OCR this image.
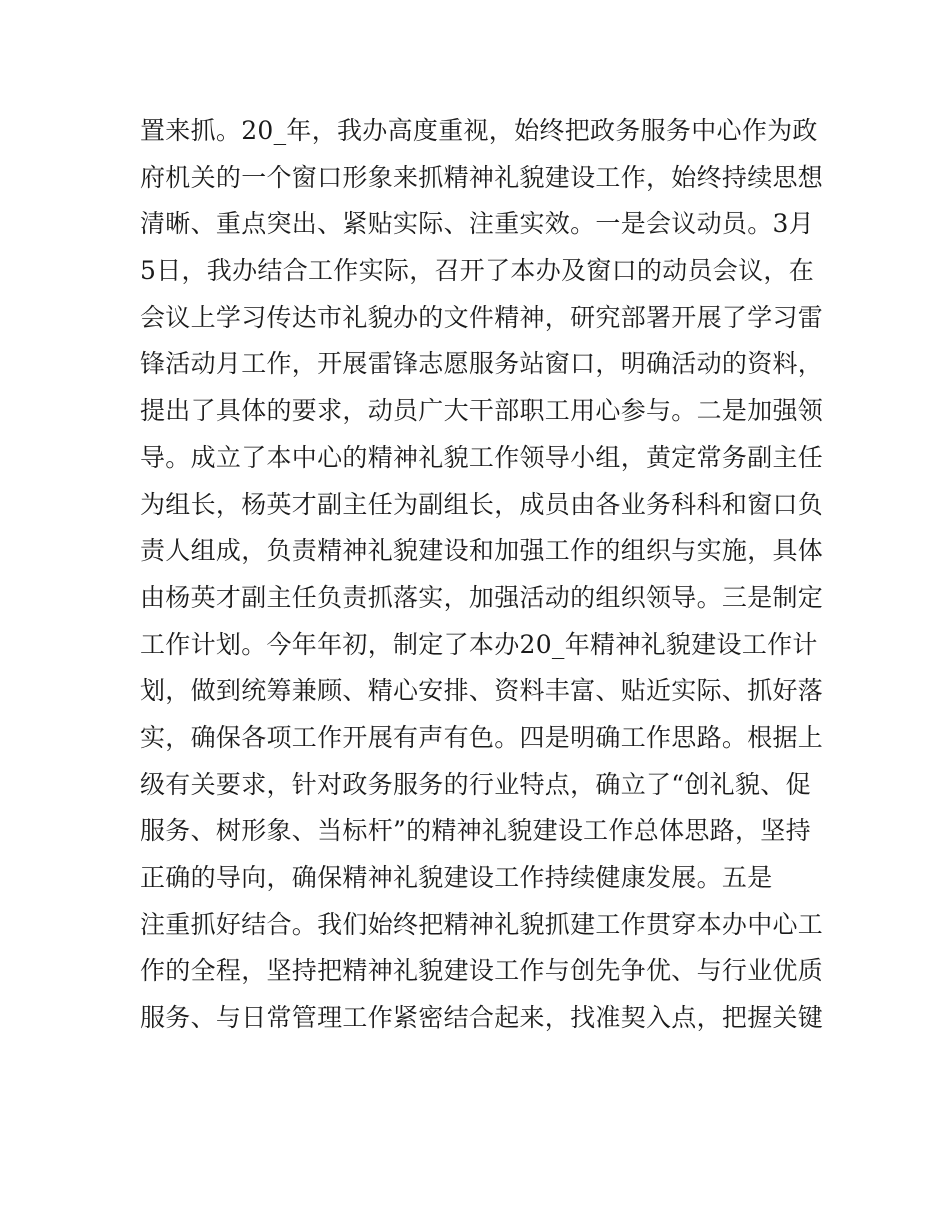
置来抓。20_年，我办高度重视，始终把政务服务中心作为政
府机关的一个窗口形象来抓精神礼貌建设工作，始终持续思想
清晰、重点突出、紧贴实际、注重实效。一是会议动员。3月
5日，我办结合工作实际，召开了本办及窗口的动员会议，在
会议上学习传达市礼貌办的文件精神，研究部署开展了学习雷
锋活动月工作，开展雷锋志愿服务站窗口，明确活动的资料，
提出了具体的要求，动员广大干部职工用心参与。二是加强领
导。成立了本中心的精神礼貌工作领导小组，黄定常务副主任
为组长，杨英才副主任为副组长，成员由各业务科科和窗口负
责人组成，负责精神礼貌建设和加强工作的组织与实施，具体
由杨英才副主任负责抓落实，加强活动的组织领导。三是制定
工作计划。今年年初，制定了本办20_年精神礼貌建设工作计
划，做到统筹兼顾、精心安排、资料丰富、贴近实际、抓好落
实，确保各项工作开展有声有色。四是明确工作思路。根据上
级有关要求，针对政务服务的行业特点，确立了“创礼貌、促
服务、树形象、当标杆”的精神礼貌建设工作总体思路，坚持
正确的导向，确保精神礼貌建设工作持续健康发展。五是
注重抓好结合。我们始终把精神礼貌抓建工作贯穿本办中心工
作的全程，坚持把精神礼貌建设工作与创先争优、与行业优质
服务、与日常管理工作紧密结合起来，找准契入点，把握关键
